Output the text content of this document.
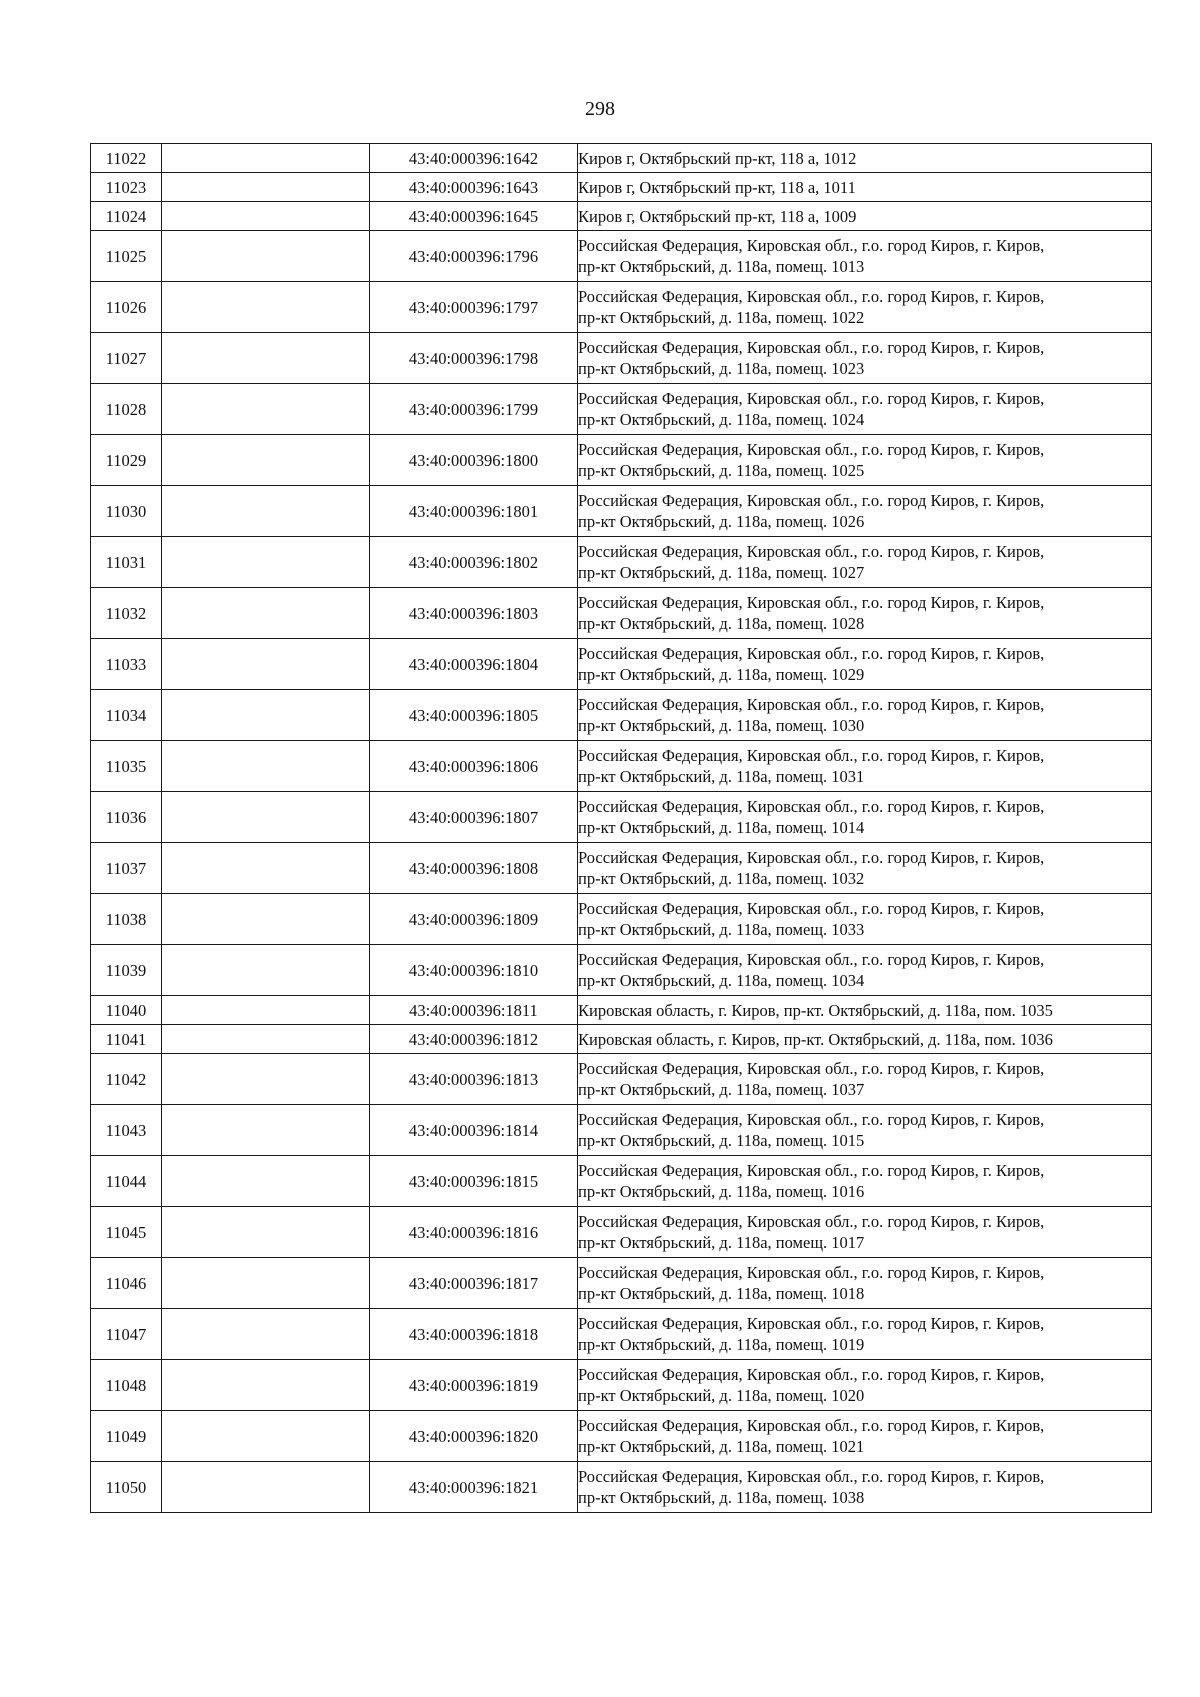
298
11022		43:40:000396:1642	Киров г, Октябрьский пр-кт, 118 а, 1012

11023		43:40:000396:1643	Киров г, Октябрьский пр-кт, 118 а, 1011

11024		43:40:000396:1645	Киров г, Октябрьский пр-кт, 118 а, 1009

11025		43:40:000396:1796	Российская Федерация, Кировская обл., г.о. город Киров, г. Киров,
пр-кт Октябрьский, д. 118а, помещ. 1013

11026		43:40:000396:1797	Российская Федерация, Кировская обл., г.о. город Киров, г. Киров,
пр-кт Октябрьский, д. 118а, помещ. 1022

11027		43:40:000396:1798	Российская Федерация, Кировская обл., г.о. город Киров, г. Киров,
пр-кт Октябрьский, д. 118а, помещ. 1023

11028		43:40:000396:1799	Российская Федерация, Кировская обл., г.о. город Киров, г. Киров,
пр-кт Октябрьский, д. 118а, помещ. 1024

11029		43:40:000396:1800	Российская Федерация, Кировская обл., г.о. город Киров, г. Киров,
пр-кт Октябрьский, д. 118а, помещ. 1025

11030		43:40:000396:1801	Российская Федерация, Кировская обл., г.о. город Киров, г. Киров,
пр-кт Октябрьский, д. 118а, помещ. 1026

11031		43:40:000396:1802	Российская Федерация, Кировская обл., г.о. город Киров, г. Киров,
пр-кт Октябрьский, д. 118а, помещ. 1027

11032		43:40:000396:1803	Российская Федерация, Кировская обл., г.о. город Киров, г. Киров,
пр-кт Октябрьский, д. 118а, помещ. 1028

11033		43:40:000396:1804	Российская Федерация, Кировская обл., г.о. город Киров, г. Киров,
пр-кт Октябрьский, д. 118а, помещ. 1029

11034		43:40:000396:1805	Российская Федерация, Кировская обл., г.о. город Киров, г. Киров,
пр-кт Октябрьский, д. 118а, помещ. 1030

11035		43:40:000396:1806	Российская Федерация, Кировская обл., г.о. город Киров, г. Киров,
пр-кт Октябрьский, д. 118а, помещ. 1031

11036		43:40:000396:1807	Российская Федерация, Кировская обл., г.о. город Киров, г. Киров,
пр-кт Октябрьский, д. 118а, помещ. 1014

11037		43:40:000396:1808	Российская Федерация, Кировская обл., г.о. город Киров, г. Киров,
пр-кт Октябрьский, д. 118а, помещ. 1032

11038		43:40:000396:1809	Российская Федерация, Кировская обл., г.о. город Киров, г. Киров,
пр-кт Октябрьский, д. 118а, помещ. 1033

11039		43:40:000396:1810	Российская Федерация, Кировская обл., г.о. город Киров, г. Киров,
пр-кт Октябрьский, д. 118а, помещ. 1034

11040		43:40:000396:1811	Кировская область, г. Киров, пр-кт. Октябрьский, д. 118а, пом. 1035

11041		43:40:000396:1812	Кировская область, г. Киров, пр-кт. Октябрьский, д. 118а, пом. 1036

11042		43:40:000396:1813	Российская Федерация, Кировская обл., г.о. город Киров, г. Киров,
пр-кт Октябрьский, д. 118а, помещ. 1037

11043		43:40:000396:1814	Российская Федерация, Кировская обл., г.о. город Киров, г. Киров,
пр-кт Октябрьский, д. 118а, помещ. 1015

11044		43:40:000396:1815	Российская Федерация, Кировская обл., г.о. город Киров, г. Киров,
пр-кт Октябрьский, д. 118а, помещ. 1016

11045		43:40:000396:1816	Российская Федерация, Кировская обл., г.о. город Киров, г. Киров,
пр-кт Октябрьский, д. 118а, помещ. 1017

11046		43:40:000396:1817	Российская Федерация, Кировская обл., г.о. город Киров, г. Киров,
пр-кт Октябрьский, д. 118а, помещ. 1018

11047		43:40:000396:1818	Российская Федерация, Кировская обл., г.о. город Киров, г. Киров,
пр-кт Октябрьский, д. 118а, помещ. 1019

11048		43:40:000396:1819	Российская Федерация, Кировская обл., г.о. город Киров, г. Киров,
пр-кт Октябрьский, д. 118а, помещ. 1020

11049		43:40:000396:1820	Российская Федерация, Кировская обл., г.о. город Киров, г. Киров,
пр-кт Октябрьский, д. 118а, помещ. 1021

11050		43:40:000396:1821	Российская Федерация, Кировская обл., г.о. город Киров, г. Киров,
пр-кт Октябрьский, д. 118а, помещ. 1038
